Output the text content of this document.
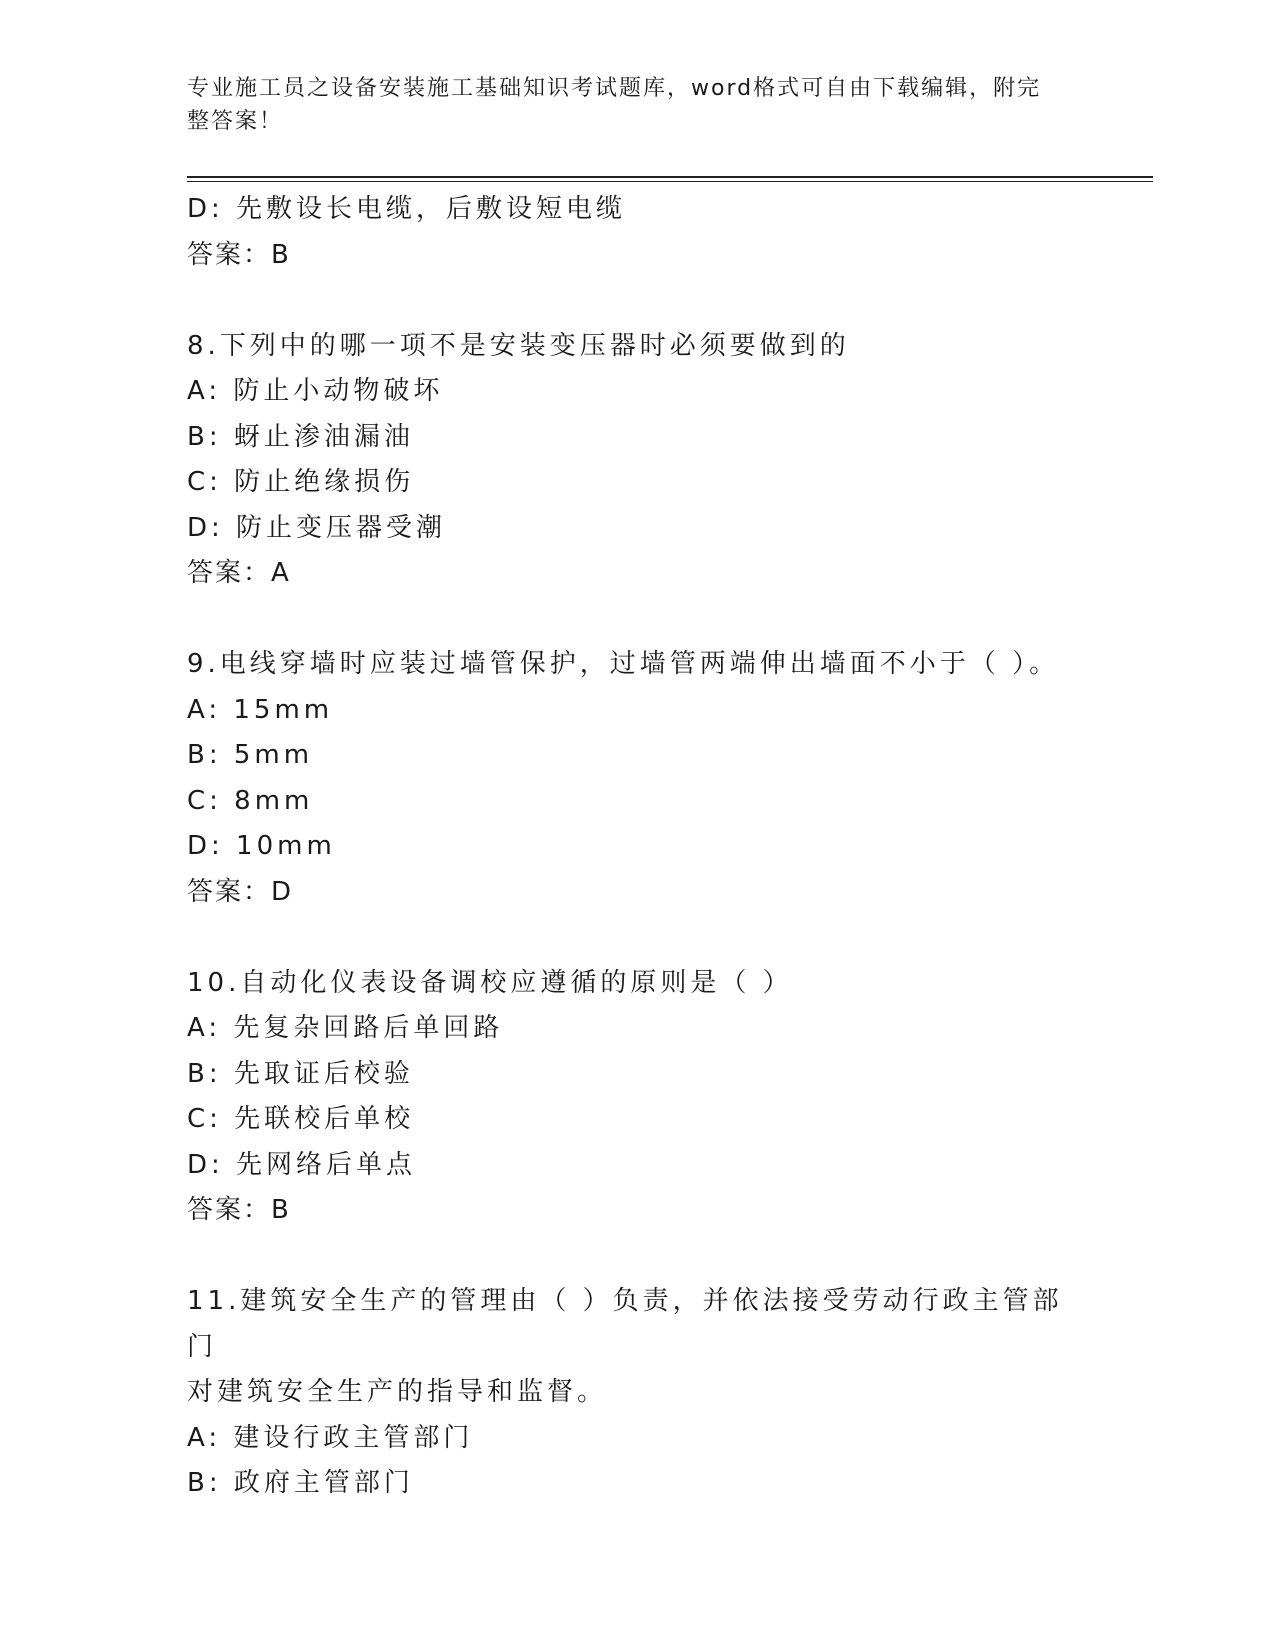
专业施工员之设备安装施工基础知识考试题库，word格式可自由下载编辑，附完
整答案！
D: 先敷设长电缆，后敷设短电缆
答案：B
8.下列中的哪一项不是安装变压器时必须要做到的
A: 防止小动物破坏
B: 蚜止渗油漏油
C: 防止绝缘损伤
D: 防止变压器受潮
答案：A
9.电线穿墙时应装过墙管保护，过墙管两端伸出墙面不小于（ ）。
A: 15mm
B: 5mm
C: 8mm
D: 10mm
答案：D
10.自动化仪表设备调校应遵循的原则是（ ）
A: 先复杂回路后单回路
B: 先取证后校验
C: 先联校后单校
D: 先网络后单点
答案：B
11.建筑安全生产的管理由（ ）负责，并依法接受劳动行政主管部门
对建筑安全生产的指导和监督。
A: 建设行政主管部门
B: 政府主管部门
